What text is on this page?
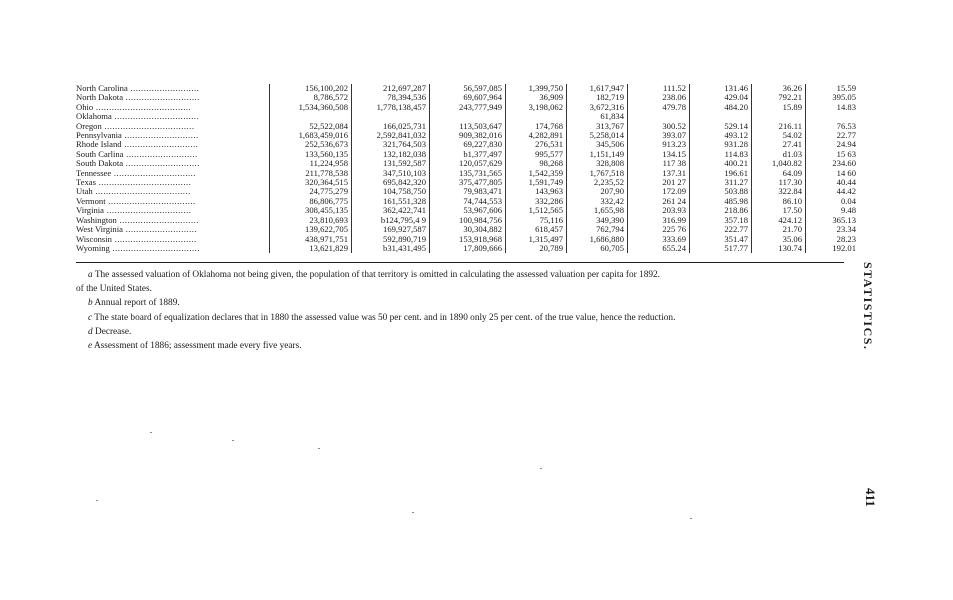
North Carolina ..........................	156,100,202	212,697,287	56,597,085	1,399,750	1,617,947	111.52	131.46	36.26	15.59
North Dakota ............................	8,786,572	78,394,536	69,607,964	36,909	182,719	238.06	429.04	792.21	395.05
Ohio ....................................	1,534,360,508	1,778,138,457	243,777,949	3,198,062	3,672,316	479.78	484.20	15.89	14.83
Oklahoma ................................					61,834				
Oregon ..................................	52,522,084	166,025,731	113,503,647	174,768	313,767	300.52	529.14	216.11	76.53
Pennsylvania ............................	1,683,459,016	2,592,841,032	909,382,016	4,282,891	5,258,014	393.07	493.12	54.02	22.77
Rhode Island ............................	252,536,673	321,764,503	69,227,830	276,531	345,506	913.23	931.28	27.41	24.94
South Carlina ...........................	133,560,135	132,182,038	b1,377,497	995,577	1,151,149	134.15	114.83	d1.03	15 63
South Dakota ............................	11,224,958	131,592,587	120,057,629	98,268	328,808	117 38	400.21	1,040.82	234.60
Tennessee ...............................	211,778,538	347,510,103	135,731,565	1,542,359	1,767,518	137.31	196.61	64.09	14 60
Texas ...................................	320,364,515	695,842,320	375,477,805	1,591,749	2,235,52	201 27	311.27	117.30	40.44
Utah ....................................	24,775,279	104,758,750	79,983,471	143,963	207,90	172.09	503.88	322.84	44.42
Vermont .................................	86,806,775	161,551,328	74,744,553	332,286	332,42	261 24	485.98	86.10	0.04
Virginia ................................	308,455,135	362,422,741	53,967,606	1,512,565	1,655,98	203.93	218.86	17.50	9.48
Washington ..............................	23,810,693	b124,795,4 9	100,984,756	75,116	349,390	316.99	357.18	424.12	365.13
West Virginia ...........................	139,622,705	169,927,587	30,304,882	618,457	762,794	225 76	222.77	21.70	23.34
Wisconsin ...............................	438,971,751	592,890,719	153,918,968	1,315,497	1,686,880	333.69	351.47	35.06	28.23
Wyoming .................................	13,621,829	b31,431,495	17,809,666	20,789	60,705	655.24	517.77	130.74	192.01

a The assessed valuation of Oklahoma not being given, the population of that territory is omitted in calculating the assessed valuation per capita for 1892.

of the United States.

b Annual report of 1889.

c The state board of equalization declares that in 1880 the assessed value was 50 per cent. and in 1890 only 25 per cent. of the true value, hence the reduction.

d Decrease.

e Assessment of 1886; assessment made every five years.	STATISTICS.
411
